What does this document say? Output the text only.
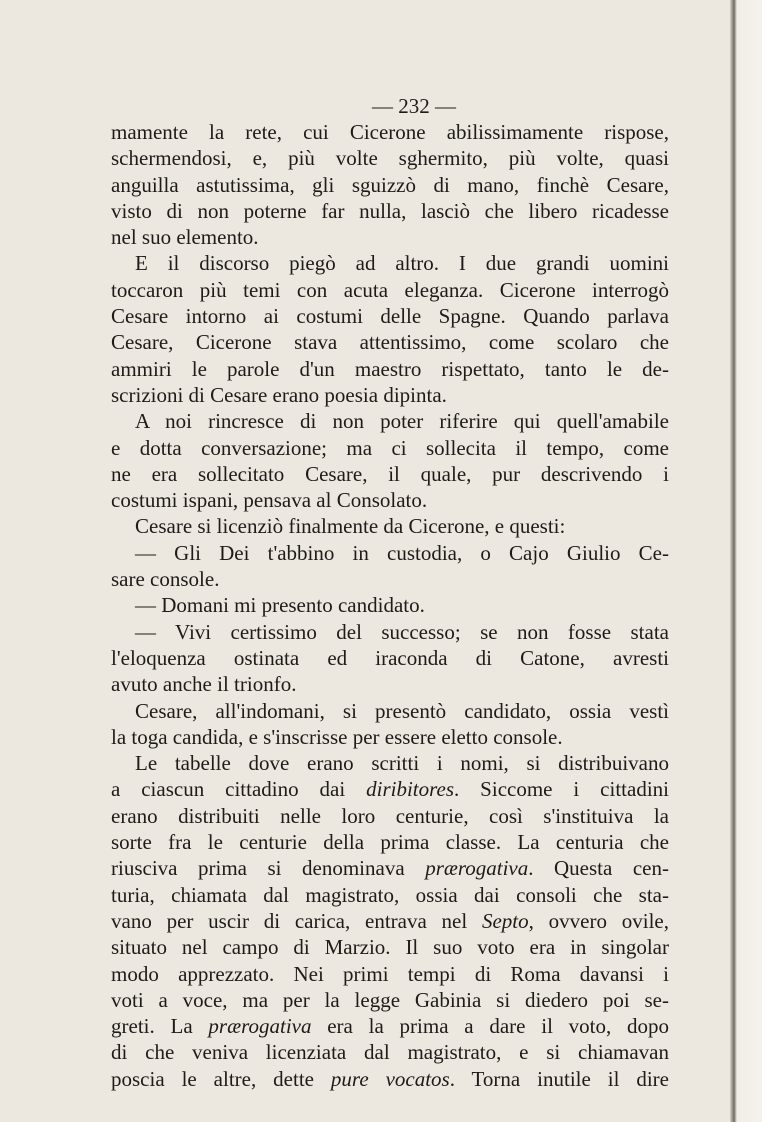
— 232 —
mamente la rete, cui Cicerone abilissimamente rispose,
schermendosi, e, più volte sghermito, più volte, quasi
anguilla astutissima, gli sguizzò di mano, finchè Cesare,
visto di non poterne far nulla, lasciò che libero ricadesse
nel suo elemento.
E il discorso piegò ad altro. I due grandi uomini
toccaron più temi con acuta eleganza. Cicerone interrogò
Cesare intorno ai costumi delle Spagne. Quando parlava
Cesare, Cicerone stava attentissimo, come scolaro che
ammiri le parole d'un maestro rispettato, tanto le de-
scrizioni di Cesare erano poesia dipinta.
A noi rincresce di non poter riferire qui quell'amabile
e dotta conversazione; ma ci sollecita il tempo, come
ne era sollecitato Cesare, il quale, pur descrivendo i
costumi ispani, pensava al Consolato.
Cesare si licenziò finalmente da Cicerone, e questi:
— Gli Dei t'abbino in custodia, o Cajo Giulio Ce-
sare console.
— Domani mi presento candidato.
— Vivi certissimo del successo; se non fosse stata
l'eloquenza ostinata ed iraconda di Catone, avresti
avuto anche il trionfo.
Cesare, all'indomani, si presentò candidato, ossia vestì
la toga candida, e s'inscrisse per essere eletto console.
Le tabelle dove erano scritti i nomi, si distribuivano
a ciascun cittadino dai diribitores. Siccome i cittadini
erano distribuiti nelle loro centurie, così s'instituiva la
sorte fra le centurie della prima classe. La centuria che
riusciva prima si denominava prærogativa. Questa cen-
turia, chiamata dal magistrato, ossia dai consoli che sta-
vano per uscir di carica, entrava nel Septo, ovvero ovile,
situato nel campo di Marzio. Il suo voto era in singolar
modo apprezzato. Nei primi tempi di Roma davansi i
voti a voce, ma per la legge Gabinia si diedero poi se-
greti. La prærogativa era la prima a dare il voto, dopo
di che veniva licenziata dal magistrato, e si chiamavan
poscia le altre, dette pure vocatos. Torna inutile il dire
